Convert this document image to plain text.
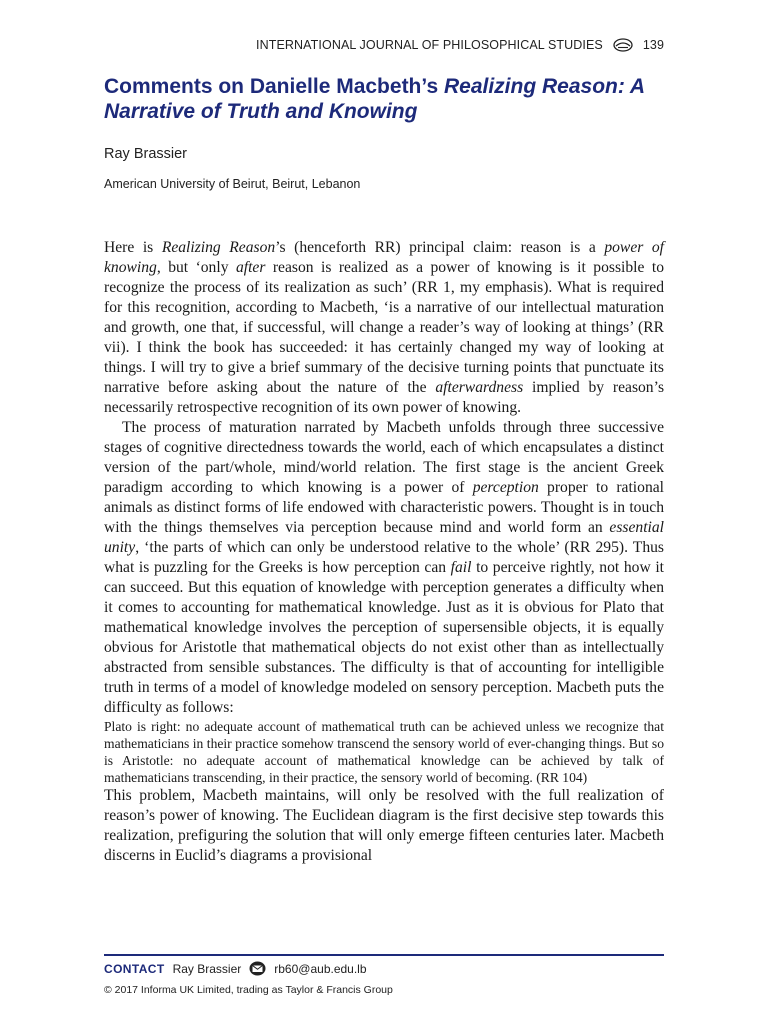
INTERNATIONAL JOURNAL OF PHILOSOPHICAL STUDIES	139
Comments on Danielle Macbeth’s Realizing Reason: A Narrative of Truth and Knowing
Ray Brassier
American University of Beirut, Beirut, Lebanon

Here is Realizing Reason’s (henceforth RR) principal claim: reason is a power of knowing, but ‘only after reason is realized as a power of knowing is it possible to recognize the process of its realization as such’ (RR 1, my emphasis). What is required for this recognition, according to Macbeth, ‘is a narrative of our intellectual maturation and growth, one that, if successful, will change a reader’s way of looking at things’ (RR vii). I think the book has succeeded: it has certainly changed my way of looking at things. I will try to give a brief summary of the decisive turning points that punctuate its narrative before asking about the nature of the afterwardness implied by reason’s necessarily retrospective recognition of its own power of knowing.

The process of maturation narrated by Macbeth unfolds through three successive stages of cognitive directedness towards the world, each of which encapsulates a distinct version of the part/whole, mind/world relation. The first stage is the ancient Greek paradigm according to which knowing is a power of perception proper to rational animals as distinct forms of life endowed with characteristic powers. Thought is in touch with the things themselves via perception because mind and world form an essential unity, ‘the parts of which can only be understood relative to the whole’ (RR 295). Thus what is puzzling for the Greeks is how perception can fail to perceive rightly, not how it can succeed. But this equation of knowledge with perception generates a difficulty when it comes to accounting for mathematical knowledge. Just as it is obvious for Plato that mathematical knowledge involves the perception of supersensible objects, it is equally obvious for Aristotle that mathematical objects do not exist other than as intellectually abstracted from sensible substances. The difficulty is that of accounting for intelligible truth in terms of a model of knowledge modeled on sensory perception. Macbeth puts the difficulty as follows:

Plato is right: no adequate account of mathematical truth can be achieved unless we recognize that mathematicians in their practice somehow transcend the sensory world of ever-changing things. But so is Aristotle: no adequate account of mathematical knowledge can be achieved by talk of mathematicians transcending, in their practice, the sensory world of becoming. (RR 104)

This problem, Macbeth maintains, will only be resolved with the full realization of reason’s power of knowing. The Euclidean diagram is the first decisive step towards this realization, prefiguring the solution that will only emerge fifteen centuries later. Macbeth discerns in Euclid’s diagrams a provisional

CONTACT Ray Brassier	rb60@aub.edu.lb
© 2017 Informa UK Limited, trading as Taylor & Francis Group
